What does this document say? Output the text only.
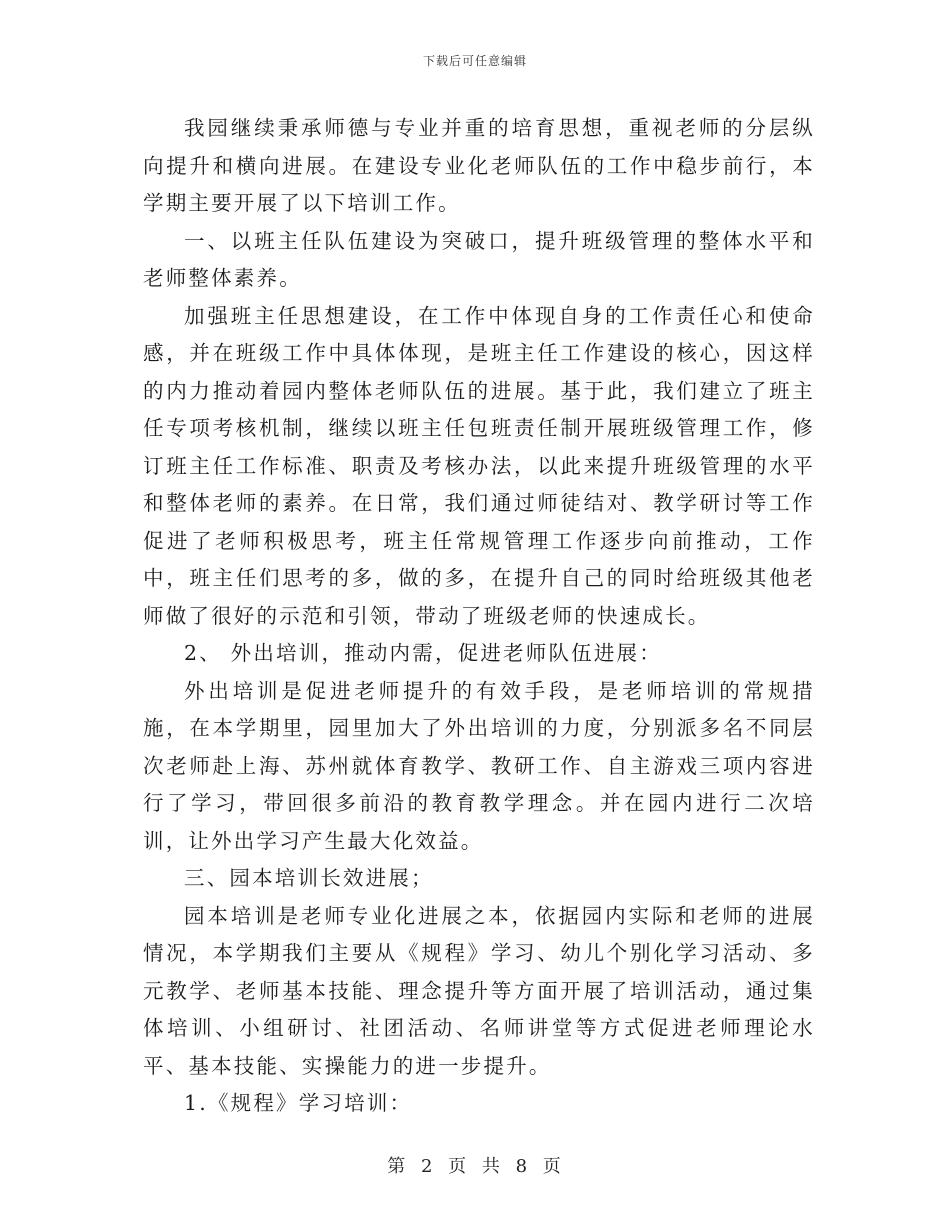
下载后可任意编辑

我园继续秉承师德与专业并重的培育思想，重视老师的分层纵向提升和横向进展。在建设专业化老师队伍的工作中稳步前行，本学期主要开展了以下培训工作。

一、以班主任队伍建设为突破口，提升班级管理的整体水平和老师整体素养。

加强班主任思想建设，在工作中体现自身的工作责任心和使命感，并在班级工作中具体体现，是班主任工作建设的核心，因这样的内力推动着园内整体老师队伍的进展。基于此，我们建立了班主任专项考核机制，继续以班主任包班责任制开展班级管理工作，修订班主任工作标准、职责及考核办法，以此来提升班级管理的水平和整体老师的素养。在日常，我们通过师徒结对、教学研讨等工作促进了老师积极思考，班主任常规管理工作逐步向前推动，工作中，班主任们思考的多，做的多，在提升自己的同时给班级其他老师做了很好的示范和引领，带动了班级老师的快速成长。

2、 外出培训，推动内需，促进老师队伍进展：

外出培训是促进老师提升的有效手段，是老师培训的常规措施，在本学期里，园里加大了外出培训的力度，分别派多名不同层次老师赴上海、苏州就体育教学、教研工作、自主游戏三项内容进行了学习，带回很多前沿的教育教学理念。并在园内进行二次培训，让外出学习产生最大化效益。

三、园本培训长效进展；

园本培训是老师专业化进展之本，依据园内实际和老师的进展情况，本学期我们主要从《规程》学习、幼儿个别化学习活动、多元教学、老师基本技能、理念提升等方面开展了培训活动，通过集体培训、小组研讨、社团活动、名师讲堂等方式促进老师理论水平、基本技能、实操能力的进一步提升。

1.《规程》学习培训：

第 2 页 共 8 页
